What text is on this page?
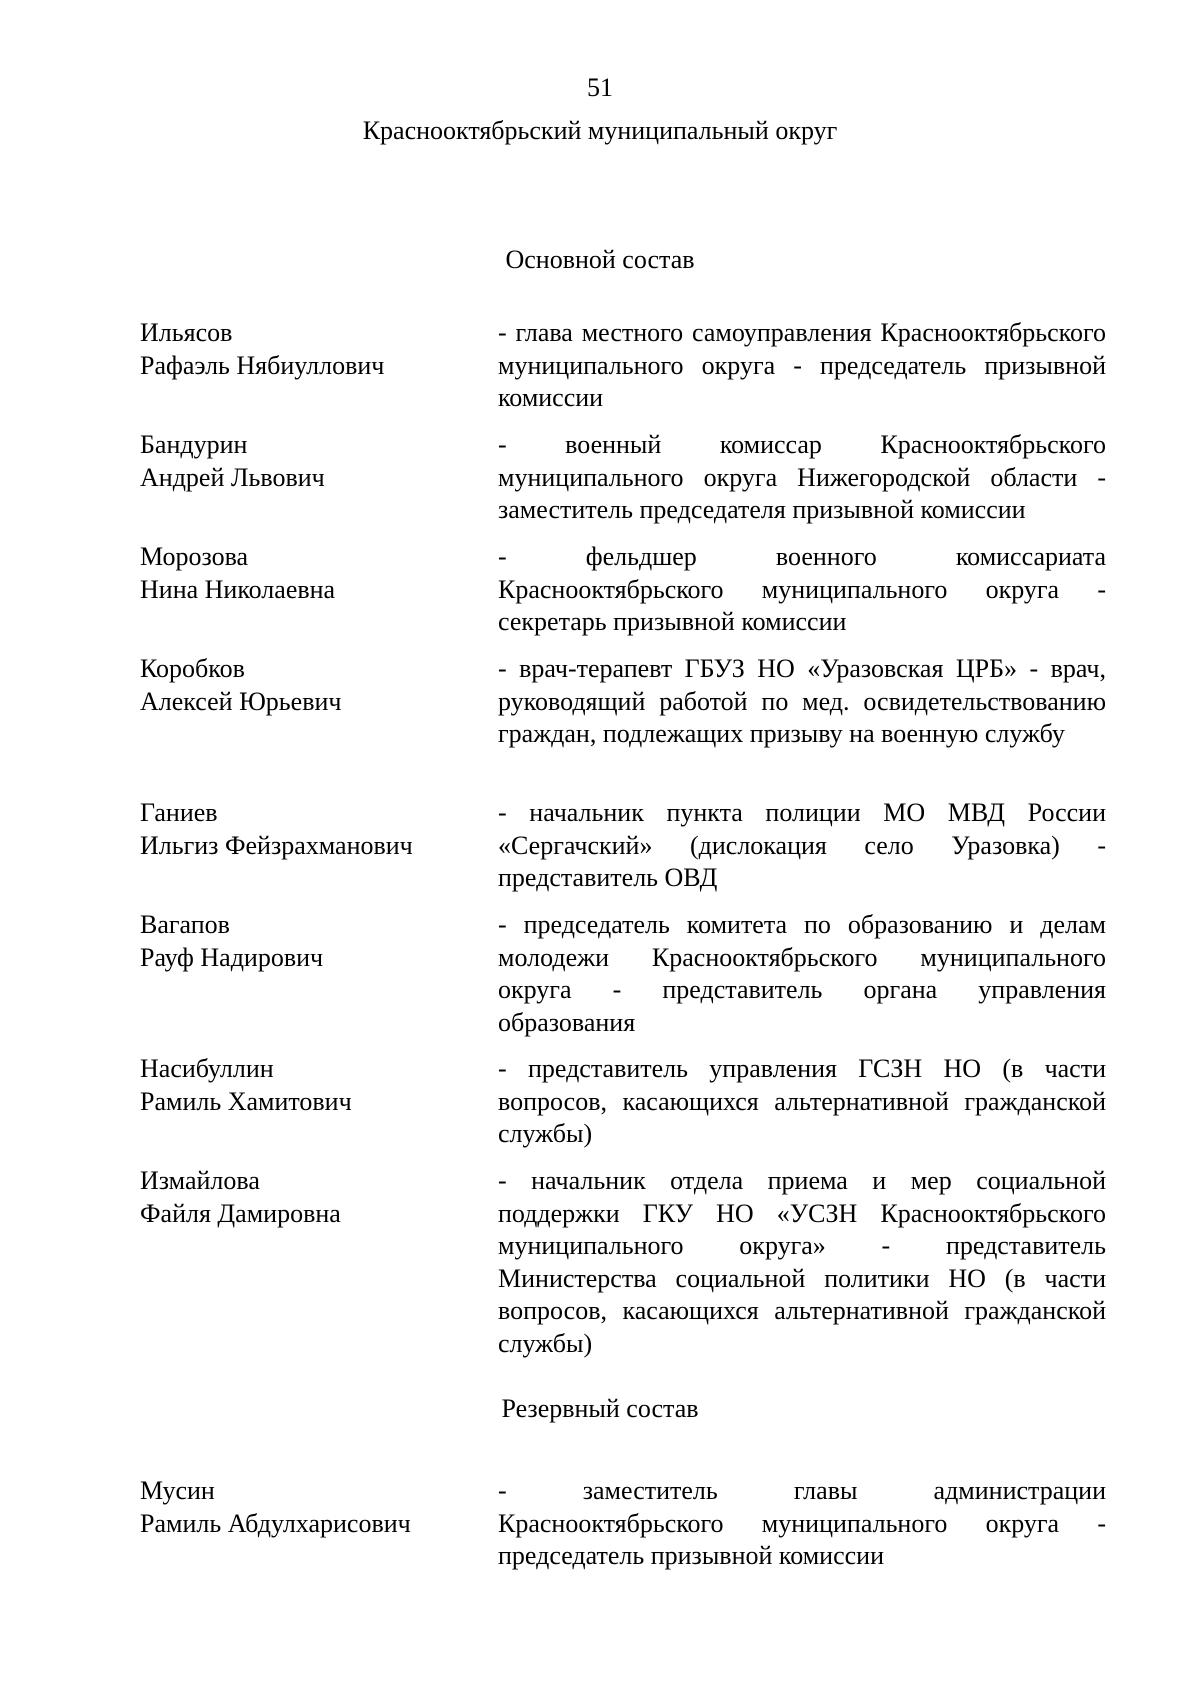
51
Краснооктябрьский муниципальный округ
Основной состав
Ильясов
Рафаэль Нябиуллович
- глава местного самоуправления Краснооктябрьского муниципального округа - председатель призывной комиссии
Бандурин
Андрей Львович
- военный комиссар Краснооктябрьского муниципального округа Нижегородской области - заместитель председателя призывной комиссии
Морозова
Нина Николаевна
- фельдшер военного комиссариата Краснооктябрьского муниципального округа - секретарь призывной комиссии
Коробков
Алексей Юрьевич
- врач-терапевт ГБУЗ НО «Уразовская ЦРБ» - врач, руководящий работой по мед. освидетельствованию граждан, подлежащих призыву на военную службу
Ганиев
Ильгиз Фейзрахманович
- начальник пункта полиции МО МВД России «Сергачский» (дислокация село Уразовка) - представитель ОВД
Вагапов
Рауф Надирович
- председатель комитета по образованию и делам молодежи Краснооктябрьского муниципального округа - представитель органа управления образования
Насибуллин
Рамиль Хамитович
- представитель управления ГСЗН НО (в части вопросов, касающихся альтернативной гражданской службы)
Измайлова
Файля Дамировна
- начальник отдела приема и мер социальной поддержки ГКУ НО «УСЗН Краснооктябрьского муниципального округа» - представитель Министерства социальной политики НО (в части вопросов, касающихся альтернативной гражданской службы)
Резервный состав
Мусин
Рамиль Абдулхарисович
- заместитель главы администрации Краснооктябрьского муниципального округа - председатель призывной комиссии
